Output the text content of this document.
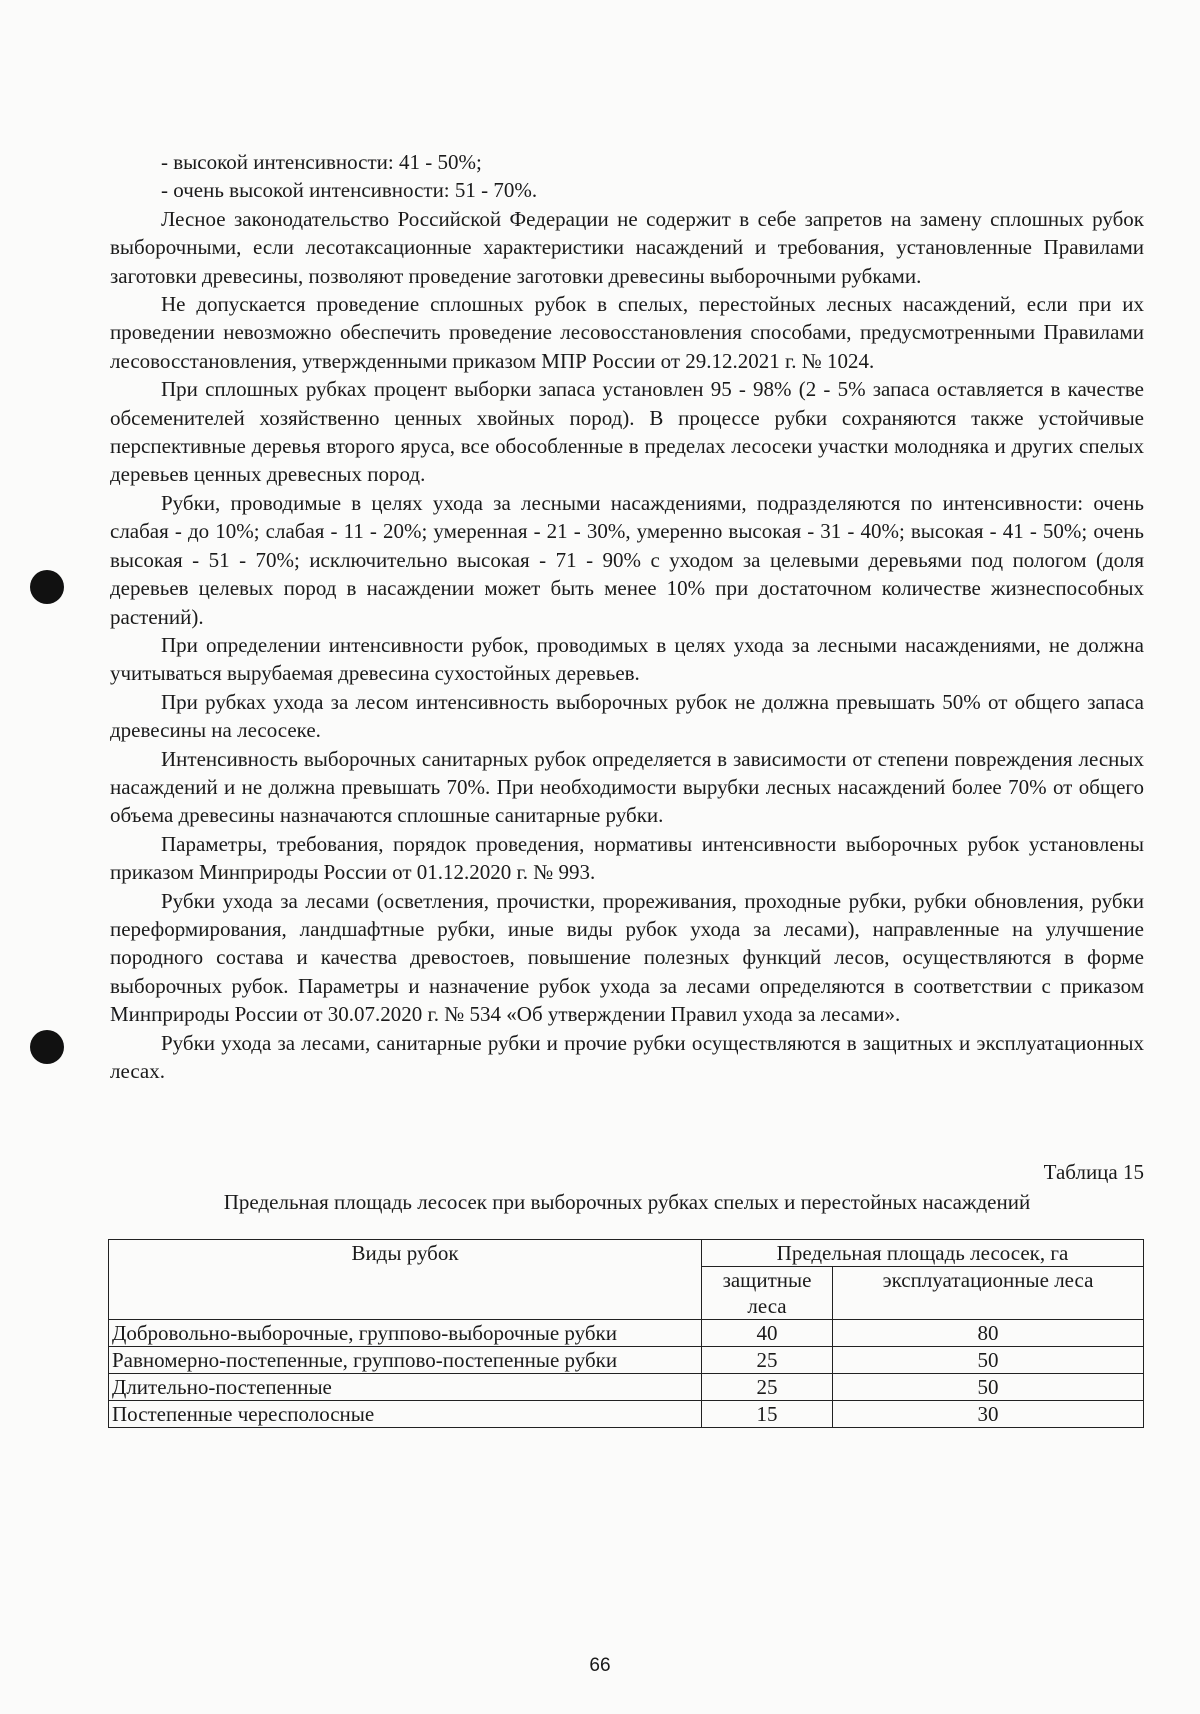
- высокой интенсивности: 41 - 50%;

- очень высокой интенсивности: 51 - 70%.

Лесное законодательство Российской Федерации не содержит в себе запретов на замену сплошных рубок выборочными, если лесотаксационные характеристики насаждений и требования, установленные Правилами заготовки древесины, позволяют проведение заготовки древесины выборочными рубками.

Не допускается проведение сплошных рубок в спелых, перестойных лесных насаждений, если при их проведении невозможно обеспечить проведение лесовосстановления способами, предусмотренными Правилами лесовосстановления, утвержденными приказом МПР России от 29.12.2021 г. № 1024.

При сплошных рубках процент выборки запаса установлен 95 - 98% (2 - 5% запаса оставляется в качестве обсеменителей хозяйственно ценных хвойных пород). В процессе рубки сохраняются также устойчивые перспективные деревья второго яруса, все обособленные в пределах лесосеки участки молодняка и других спелых деревьев ценных древесных пород.

Рубки, проводимые в целях ухода за лесными насаждениями, подразделяются по интенсивности: очень слабая - до 10%; слабая - 11 - 20%; умеренная - 21 - 30%, умеренно высокая - 31 - 40%; высокая - 41 - 50%; очень высокая - 51 - 70%; исключительно высокая - 71 - 90% с уходом за целевыми деревьями под пологом (доля деревьев целевых пород в насаждении может быть менее 10% при достаточном количестве жизнеспособных растений).

При определении интенсивности рубок, проводимых в целях ухода за лесными насаждениями, не должна учитываться вырубаемая древесина сухостойных деревьев.

При рубках ухода за лесом интенсивность выборочных рубок не должна превышать 50% от общего запаса древесины на лесосеке.

Интенсивность выборочных санитарных рубок определяется в зависимости от степени повреждения лесных насаждений и не должна превышать 70%. При необходимости вырубки лесных насаждений более 70% от общего объема древесины назначаются сплошные санитарные рубки.

Параметры, требования, порядок проведения, нормативы интенсивности выборочных рубок установлены приказом Минприроды России от 01.12.2020 г. № 993.

Рубки ухода за лесами (осветления, прочистки, прореживания, проходные рубки, рубки обновления, рубки переформирования, ландшафтные рубки, иные виды рубок ухода за лесами), направленные на улучшение породного состава и качества древостоев, повышение полезных функций лесов, осуществляются в форме выборочных рубок. Параметры и назначение рубок ухода за лесами определяются в соответствии с приказом Минприроды России от 30.07.2020 г. № 534 «Об утверждении Правил ухода за лесами».

Рубки ухода за лесами, санитарные рубки и прочие рубки осуществляются в защитных и эксплуатационных лесах.

Таблица 15
Предельная площадь лесосек при выборочных рубках спелых и перестойных насаждений
Виды рубок	Предельная площадь лесосек, га	
	защитные леса	эксплуатационные леса
Добровольно-выборочные, группово-выборочные рубки	40	80
Равномерно-постепенные, группово-постепенные рубки	25	50
Длительно-постепенные	25	50
Постепенные чересполосные	15	30
66
